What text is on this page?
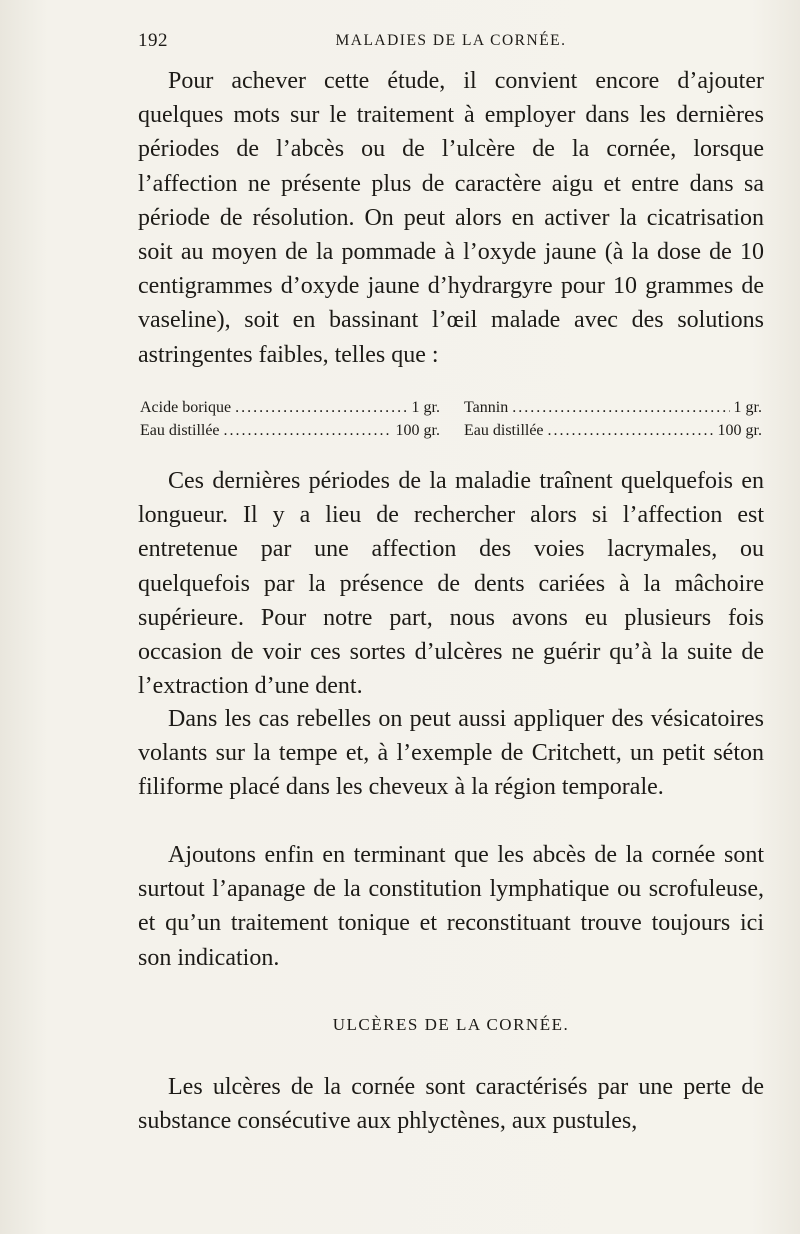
192	MALADIES DE LA CORNÉE.

Pour achever cette étude, il convient encore d’ajouter quelques mots sur le traitement à employer dans les dernières périodes de l’abcès ou de l’ulcère de la cornée, lorsque l’affection ne présente plus de caractère aigu et entre dans sa période de résolution. On peut alors en activer la cicatrisation soit au moyen de la pommade à l’oxyde jaune (à la dose de 10 centigrammes d’oxyde jaune d’hydrargyre pour 10 grammes de vaseline), soit en bassinant l’œil malade avec des solutions astringentes faibles, telles que :

Acide borique .....	1 gr.
Eau distillée .....	100 gr.
Tannin .....	1 gr.
Eau distillée .....	100 gr.

Ces dernières périodes de la maladie traînent quelquefois en longueur. Il y a lieu de rechercher alors si l’affection est entretenue par une affection des voies lacrymales, ou quelquefois par la présence de dents cariées à la mâchoire supérieure. Pour notre part, nous avons eu plusieurs fois occasion de voir ces sortes d’ulcères ne guérir qu’à la suite de l’extraction d’une dent.

Dans les cas rebelles on peut aussi appliquer des vésicatoires volants sur la tempe et, à l’exemple de Critchett, un petit séton filiforme placé dans les cheveux à la région temporale.

Ajoutons enfin en terminant que les abcès de la cornée sont surtout l’apanage de la constitution lymphatique ou scrofuleuse, et qu’un traitement tonique et reconstituant trouve toujours ici son indication.

ULCÈRES DE LA CORNÉE.

Les ulcères de la cornée sont caractérisés par une perte de substance consécutive aux phlyctènes, aux pustules,
